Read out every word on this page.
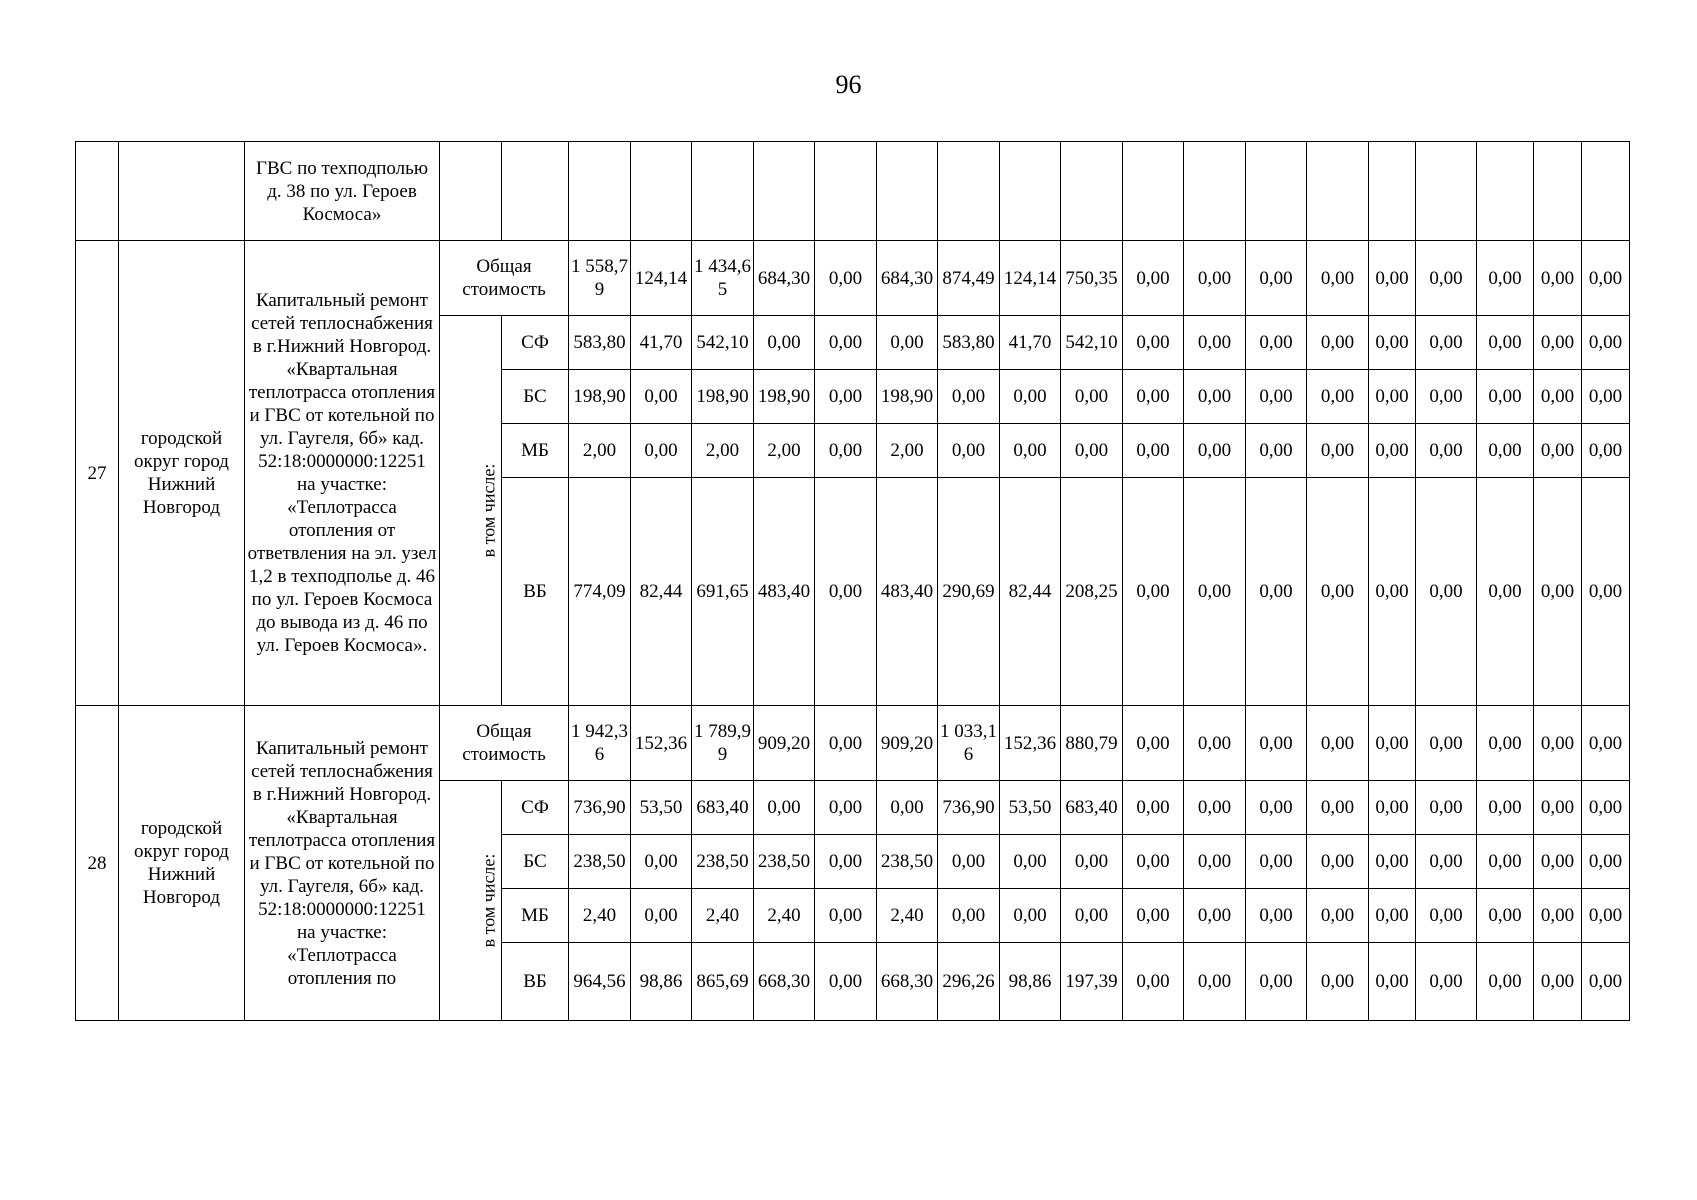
96
		ГВС по техподполью д. 38 по ул. Героев Космоса»																				
27	городской округ город Нижний Новгород	Капитальный ремонт сетей теплоснабжения в г.Нижний Новгород. «Квартальная теплотрасса отопления и ГВС от котельной по ул. Гаугеля, 6б» кад. 52:18:0000000:12251 на участке: «Теплотрасса отопления от ответвления на эл. узел 1,2 в техподполье д. 46 по ул. Героев Космоса до вывода из д. 46 по ул. Героев Космоса».	Общая стоимость		1 558,79	124,14	1 434,65	684,30	0,00	684,30	874,49	124,14	750,35	0,00	0,00	0,00	0,00	0,00	0,00	0,00	0,00	0,00
			в том числе:	СФ	583,80	41,70	542,10	0,00	0,00	0,00	583,80	41,70	542,10	0,00	0,00	0,00	0,00	0,00	0,00	0,00	0,00	0,00
				БС	198,90	0,00	198,90	198,90	0,00	198,90	0,00	0,00	0,00	0,00	0,00	0,00	0,00	0,00	0,00	0,00	0,00	0,00
				МБ	2,00	0,00	2,00	2,00	0,00	2,00	0,00	0,00	0,00	0,00	0,00	0,00	0,00	0,00	0,00	0,00	0,00	0,00
				ВБ	774,09	82,44	691,65	483,40	0,00	483,40	290,69	82,44	208,25	0,00	0,00	0,00	0,00	0,00	0,00	0,00	0,00	0,00
28	городской округ город Нижний Новгород	Капитальный ремонт сетей теплоснабжения в г.Нижний Новгород. «Квартальная теплотрасса отопления и ГВС от котельной по ул. Гаугеля, 6б» кад. 52:18:0000000:12251 на участке: «Теплотрасса отопления по	Общая стоимость		1 942,36	152,36	1 789,99	909,20	0,00	909,20	1 033,16	152,36	880,79	0,00	0,00	0,00	0,00	0,00	0,00	0,00	0,00	0,00
			в том числе:	СФ	736,90	53,50	683,40	0,00	0,00	0,00	736,90	53,50	683,40	0,00	0,00	0,00	0,00	0,00	0,00	0,00	0,00	0,00
				БС	238,50	0,00	238,50	238,50	0,00	238,50	0,00	0,00	0,00	0,00	0,00	0,00	0,00	0,00	0,00	0,00	0,00	0,00
				МБ	2,40	0,00	2,40	2,40	0,00	2,40	0,00	0,00	0,00	0,00	0,00	0,00	0,00	0,00	0,00	0,00	0,00	0,00
				ВБ	964,56	98,86	865,69	668,30	0,00	668,30	296,26	98,86	197,39	0,00	0,00	0,00	0,00	0,00	0,00	0,00	0,00	0,00
